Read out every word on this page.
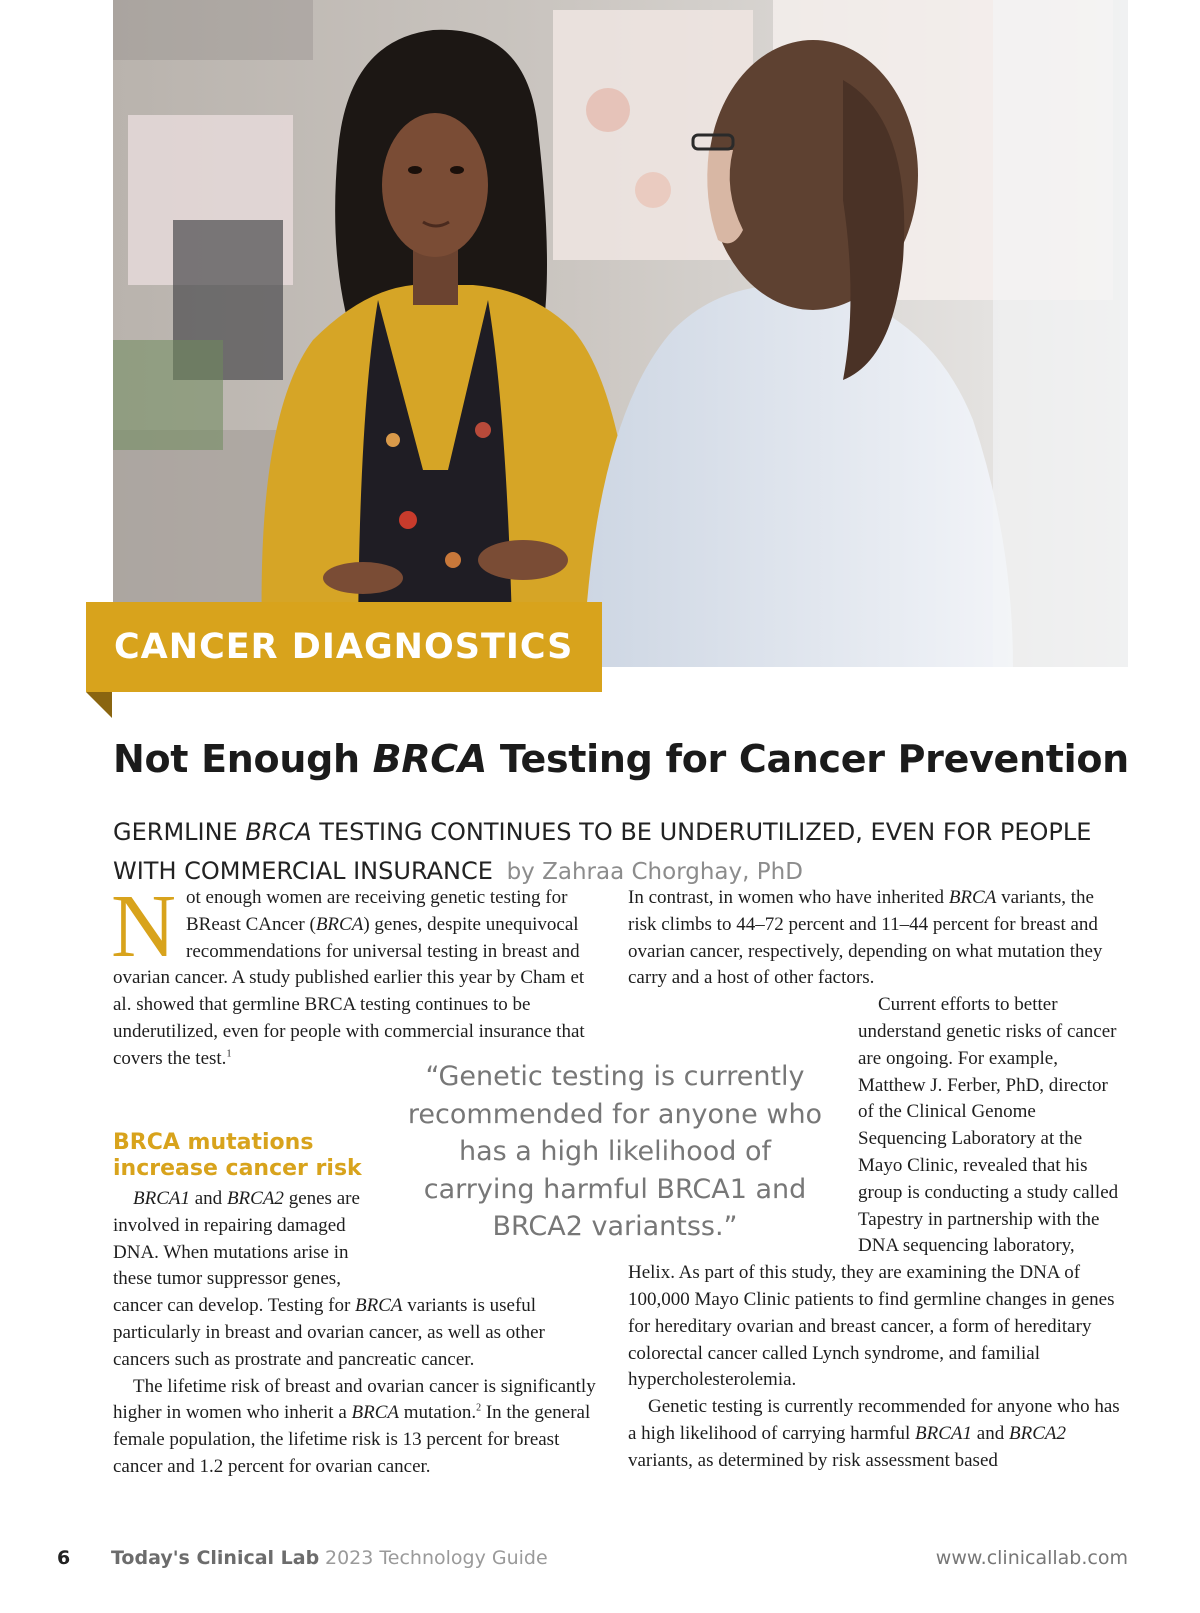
CANCER DIAGNOSTICS
Not Enough BRCA Testing for Cancer Prevention
GERMLINE BRCA TESTING CONTINUES TO BE UNDERUTILIZED, EVEN FOR PEOPLE WITH COMMERCIAL INSURANCE by Zahraa Chorghay, PhD

Not enough women are receiving genetic testing for BReast CAncer (BRCA) genes, despite unequivocal recommendations for universal testing in breast and ovarian cancer. A study published earlier this year by Cham et al. showed that germline BRCA testing continues to be underutilized, even for people with commercial insurance that covers the test.$^1$

BRCA mutations
increase cancer risk

BRCA1 and BRCA2 genes are involved in repairing damaged DNA. When mutations arise in these tumor suppressor genes, cancer can develop. Testing for BRCA variants is useful particularly in breast and ovarian cancer, as well as other cancers such as prostrate and pancreatic cancer.

The lifetime risk of breast and ovarian cancer is significantly higher in women who inherit a BRCA mutation.$^2$ In the general female population, the lifetime risk is 13 percent for breast cancer and 1.2 percent for ovarian cancer.

In contrast, in women who have inherited BRCA variants, the risk climbs to 44–72 percent and 11–44 percent for breast and ovarian cancer, respectively, depending on what mutation they carry and a host of other factors.

Current efforts to better understand genetic risks of cancer are ongoing. For example, Matthew J. Ferber, PhD, director of the Clinical Genome Sequencing Laboratory at the Mayo Clinic, revealed that his group is conducting a study called Tapestry in partnership with the DNA sequencing laboratory, Helix. As part of this study, they are examining the DNA of 100,000 Mayo Clinic patients to find germline changes in genes for hereditary ovarian and breast cancer, a form of hereditary colorectal cancer called Lynch syndrome, and familial hypercholesterolemia.

Genetic testing is currently recommended for anyone who has a high likelihood of carrying harmful BRCA1 and BRCA2 variants, as determined by risk assessment based

“Genetic testing is currently recommended for anyone who has a high likelihood of carrying harmful BRCA1 and BRCA2 variantss.”

6 Today's Clinical Lab 2023 Technology Guide	www.clinicallab.com
